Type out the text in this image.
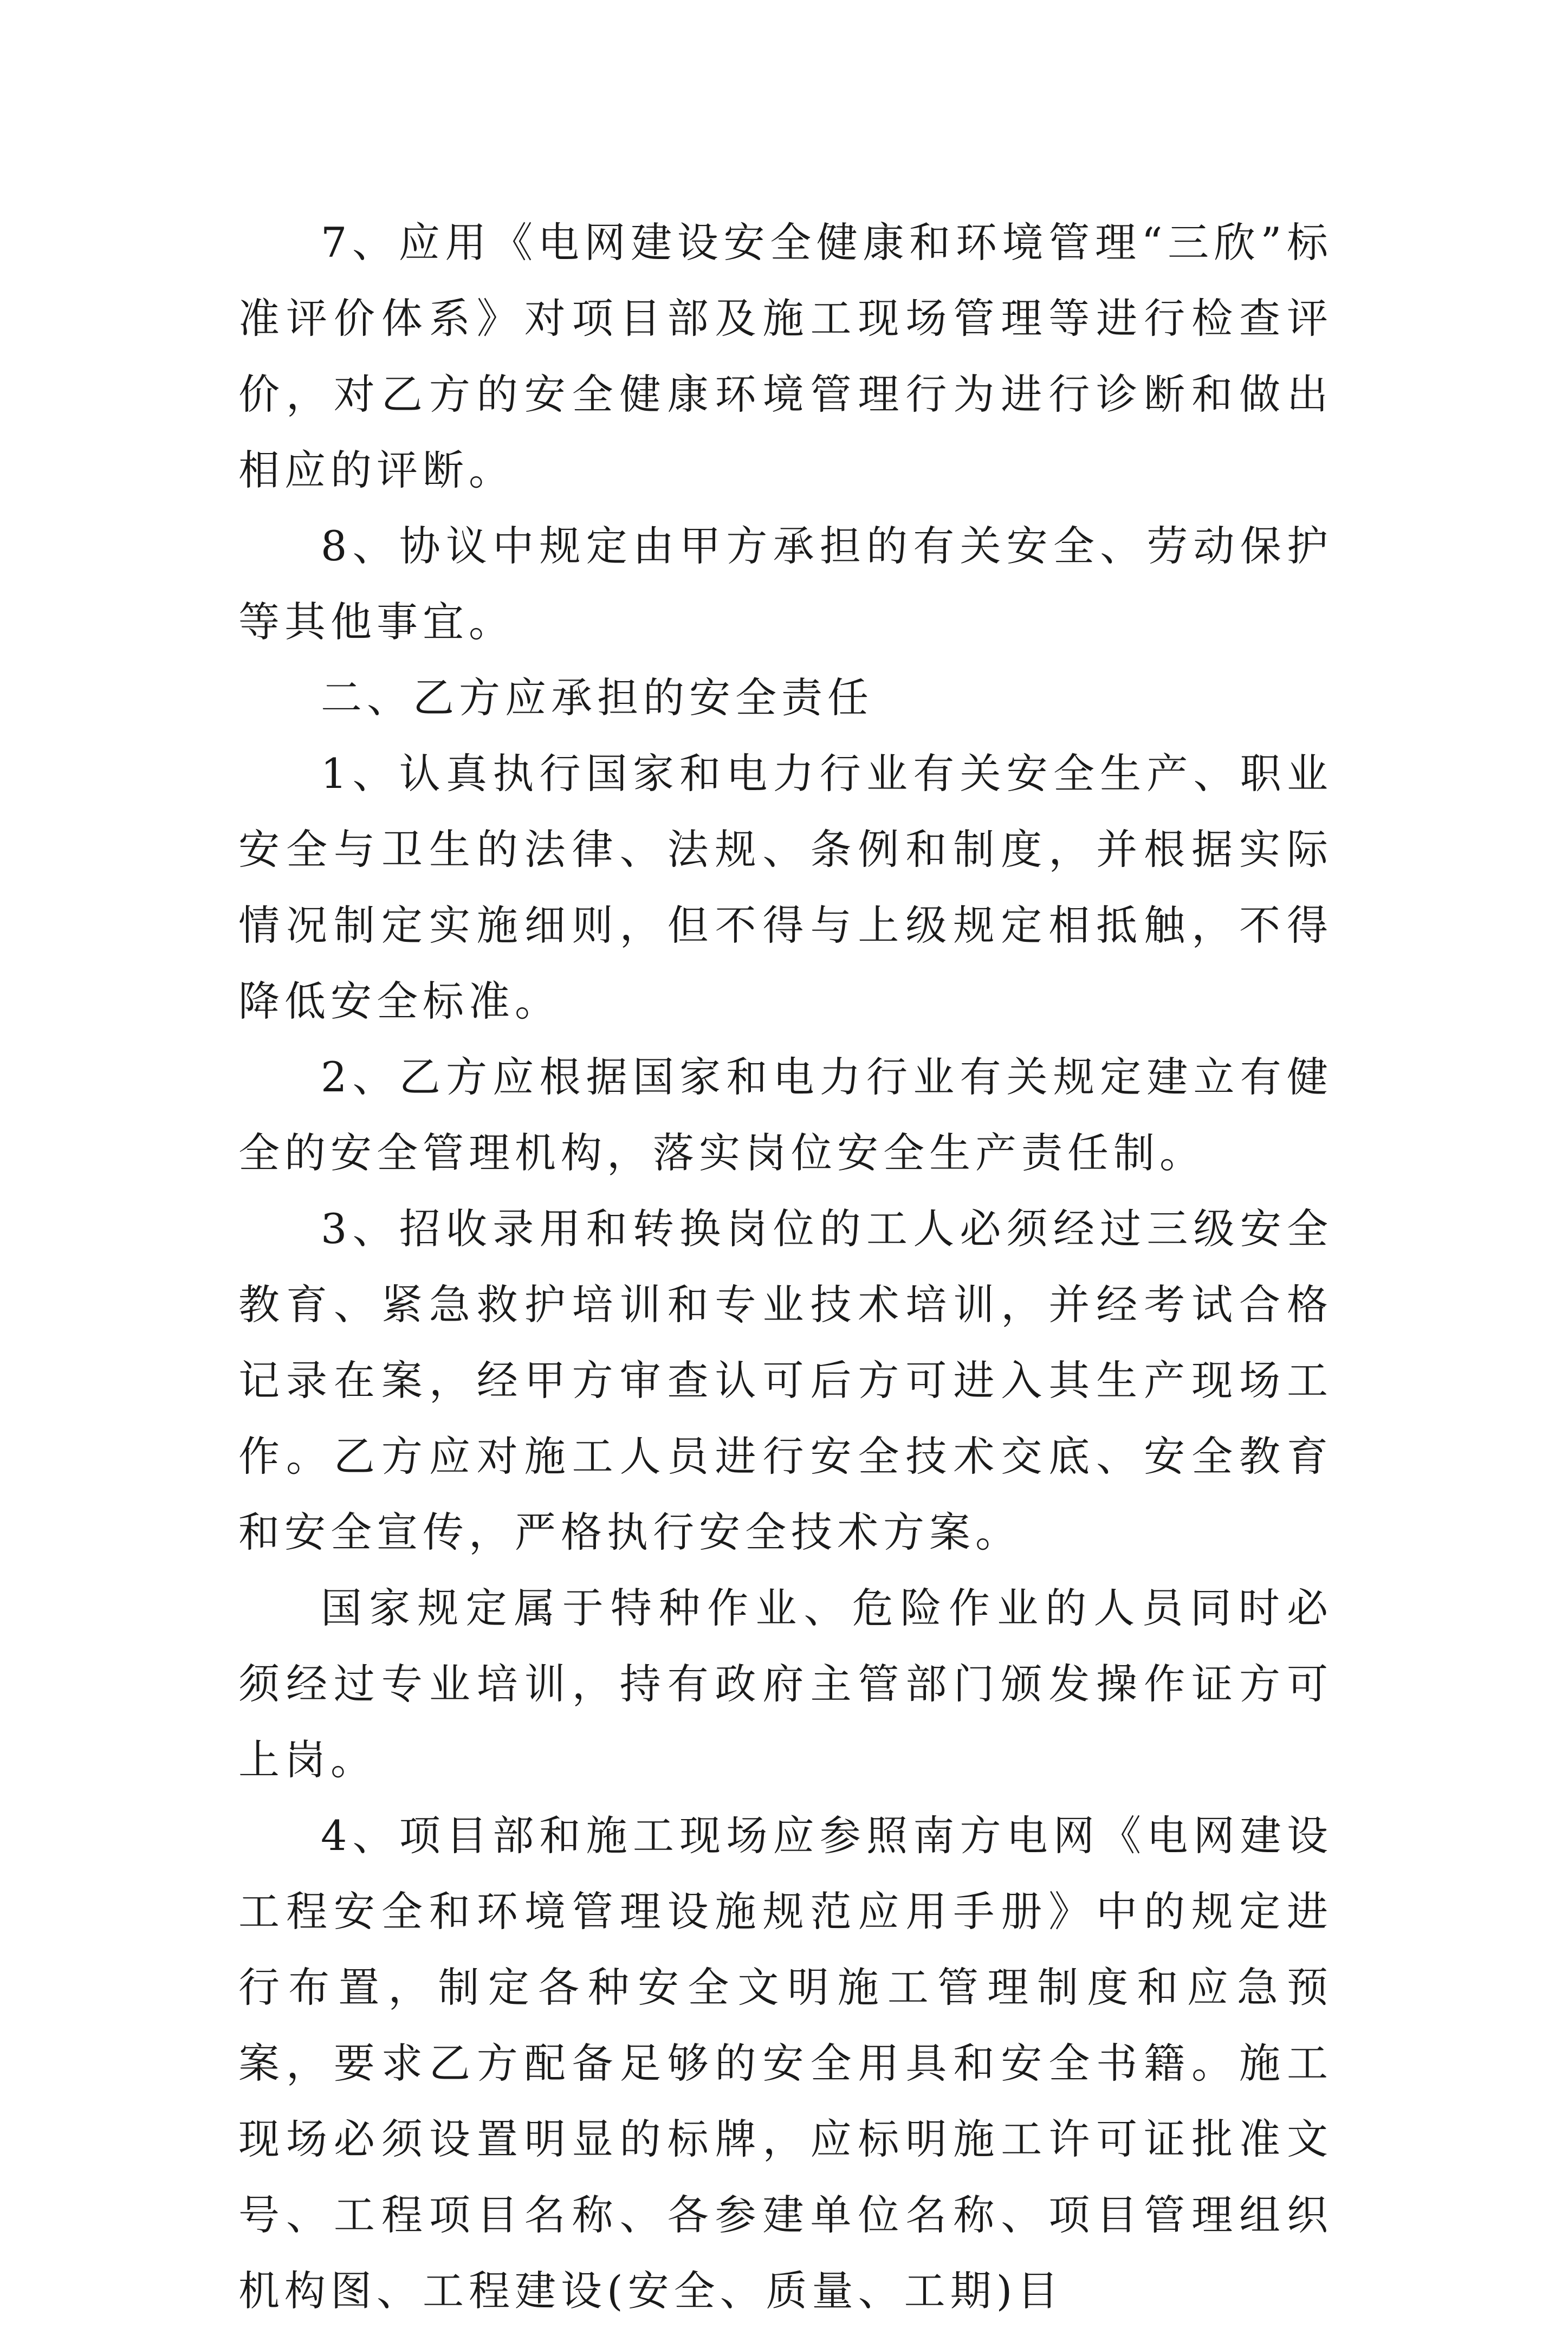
7、应用《电网建设安全健康和环境管理“三欣”标准评价体系》对项目部及施工现场管理等进行检查评价，对乙方的安全健康环境管理行为进行诊断和做出相应的评断。

8、协议中规定由甲方承担的有关安全、劳动保护等其他事宜。

二、乙方应承担的安全责任

1、认真执行国家和电力行业有关安全生产、职业安全与卫生的法律、法规、条例和制度，并根据实际情况制定实施细则，但不得与上级规定相抵触，不得降低安全标准。

2、乙方应根据国家和电力行业有关规定建立有健全的安全管理机构，落实岗位安全生产责任制。

3、招收录用和转换岗位的工人必须经过三级安全教育、紧急救护培训和专业技术培训，并经考试合格记录在案，经甲方审查认可后方可进入其生产现场工作。乙方应对施工人员进行安全技术交底、安全教育和安全宣传，严格执行安全技术方案。

国家规定属于特种作业、危险作业的人员同时必须经过专业培训，持有政府主管部门颁发操作证方可上岗。

4、项目部和施工现场应参照南方电网《电网建设工程安全和环境管理设施规范应用手册》中的规定进行布置，制定各种安全文明施工管理制度和应急预案，要求乙方配备足够的安全用具和安全书籍。施工现场必须设置明显的标牌，应标明施工许可证批准文号、工程项目名称、各参建单位名称、项目管理组织机构图、工程建设(安全、质量、工期)目
